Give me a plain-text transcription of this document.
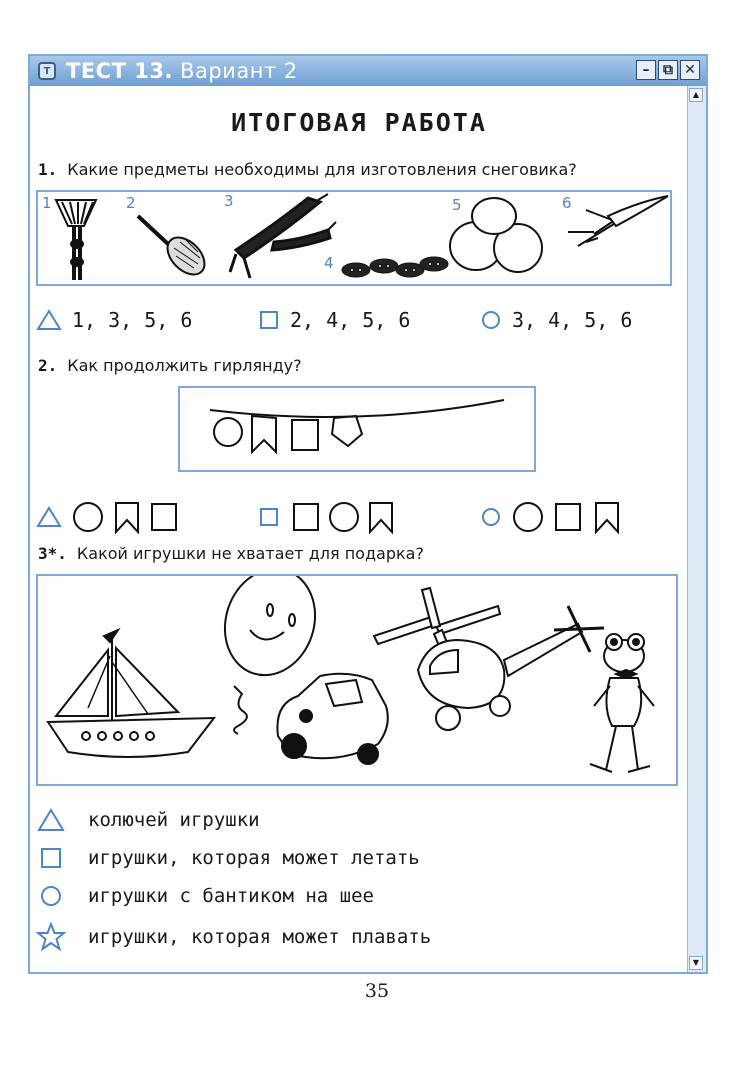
T ТЕСТ 13. Вариант 2	– ⧉ ✕
▲
▼
ИТОГОВАЯ РАБОТА
1. Какие предметы необходимы для изготовления снеговика?
1	2	3
4
5	6
1, 3, 5, 6	2, 4, 5, 6	3, 4, 5, 6
2. Как продолжить гирлянду?
3*. Какой игрушки не хватает для подарка?
колючей игрушки
игрушки, которая может летать
игрушки с бантиком на шее
игрушки, которая может плавать
35
